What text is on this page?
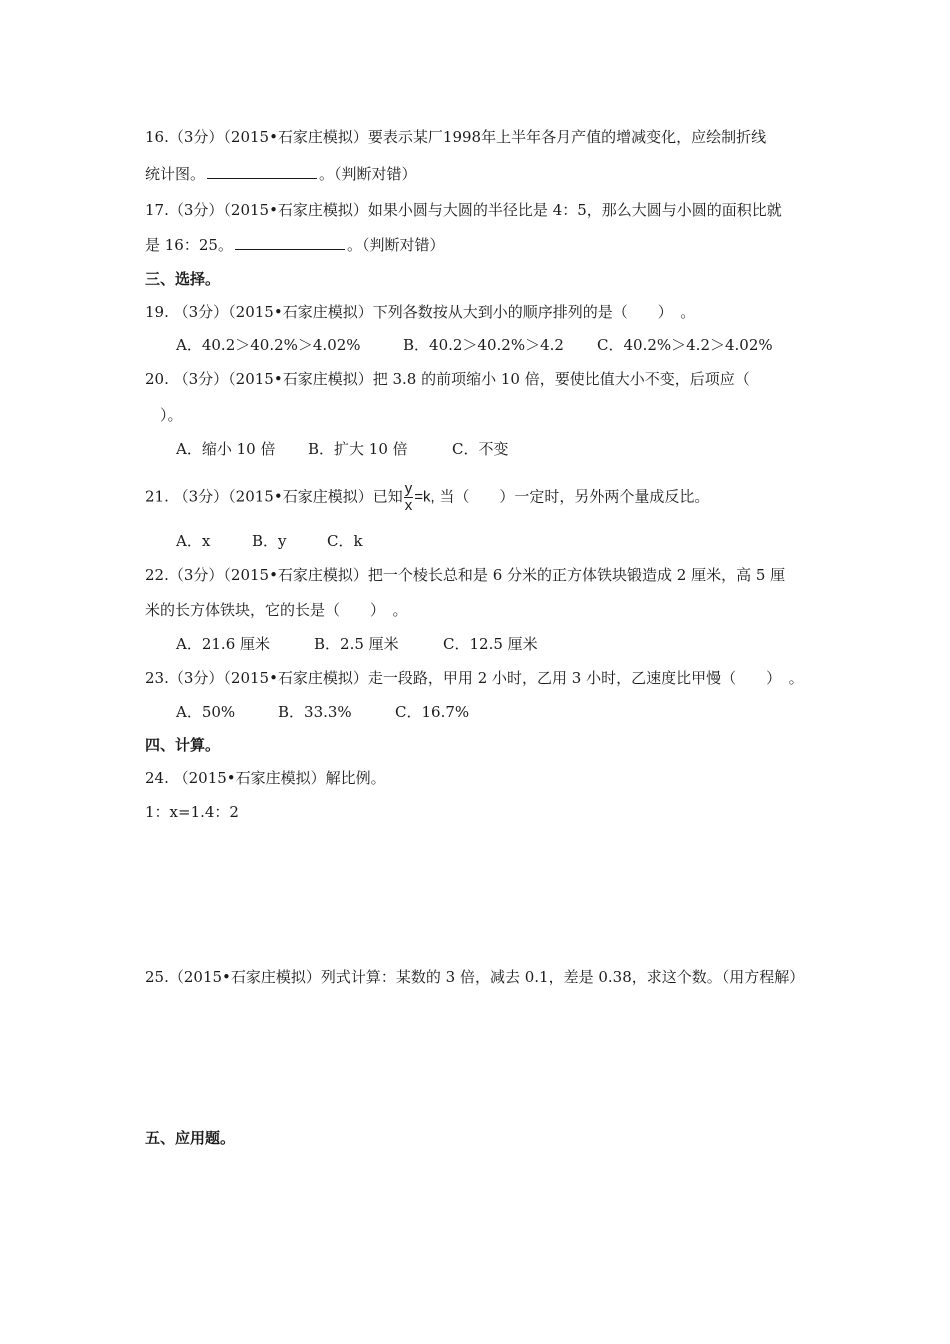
16.（3分）（2015•石家庄模拟）要表示某厂1998年上半年各月产值的增减变化，应绘制折线
统计图。	。（判断对错）
17.（3分）（2015•石家庄模拟）如果小圆与大圆的半径比是 4：5，那么大圆与小圆的面积比就
是 16：25。	。（判断对错）
三、选择。
19. （3分）（2015•石家庄模拟）下列各数按从大到小的顺序排列的是（　　）　。
A．40.2＞40.2%＞4.02%	B．40.2＞40.2%＞4.2 C．40.2%＞4.2＞4.02%
20. （3分）（2015•石家庄模拟）把 3.8 的前项缩小 10 倍，要使比值大小不变，后项应（
）。
A．缩小 10 倍 B．扩大 10 倍	C．不变
21. （3分）（2015•石家庄模拟）已知 $\frac{y}{x} =k$, 当（　　）一定时，另外两个量成反比。
A．x	B．y	C．k
22.（3分）（2015•石家庄模拟）把一个棱长总和是 6 分米的正方体铁块锻造成 2 厘米，高 5 厘
米的长方体铁块，它的长是（　　）　。
A．21.6 厘米	B．2.5 厘米	C．12.5 厘米
23.（3分）（2015•石家庄模拟）走一段路，甲用 2 小时，乙用 3 小时，乙速度比甲慢（　　）　。
A．50%	B．33.3%	C．16.7%
四、计算。
24. （2015•石家庄模拟）解比例。
1：x=1.4：2
25.（2015•石家庄模拟）列式计算：某数的 3 倍，减去 0.1，差是 0.38，求这个数。（用方程解）
五、应用题。
